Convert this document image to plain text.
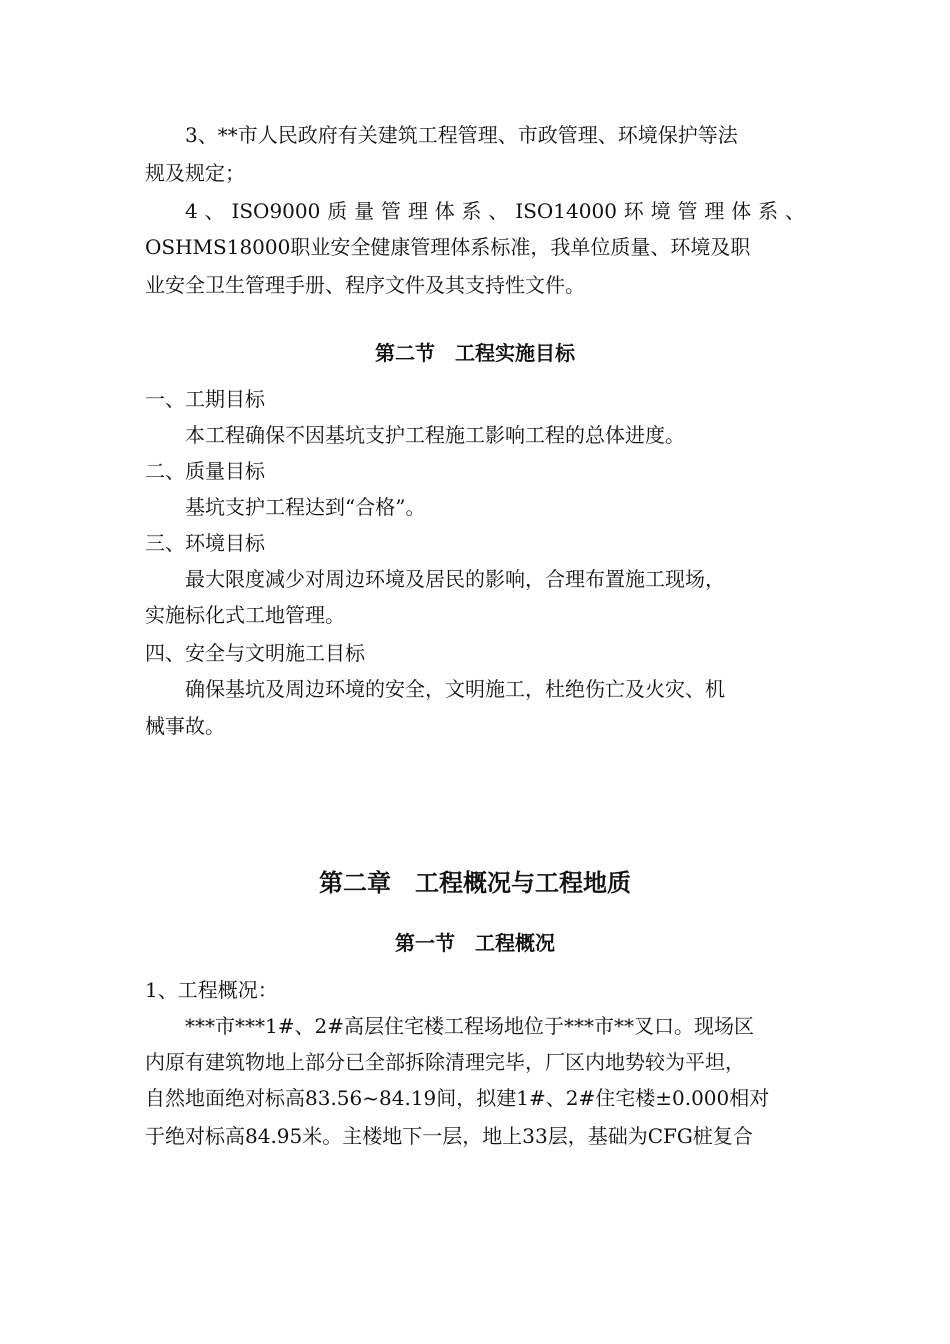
3、**市人民政府有关建筑工程管理、市政管理、环境保护等法
规及规定；
4、ISO9000质量管理体系、ISO14000环境管理体系、
OSHMS18000职业安全健康管理体系标准，我单位质量、环境及职
业安全卫生管理手册、程序文件及其支持性文件。
第二节　工程实施目标
一、工期目标
本工程确保不因基坑支护工程施工影响工程的总体进度。
二、质量目标
基坑支护工程达到“合格”。
三、环境目标
最大限度减少对周边环境及居民的影响，合理布置施工现场，
实施标化式工地管理。
四、安全与文明施工目标
确保基坑及周边环境的安全，文明施工，杜绝伤亡及火灾、机
械事故。
第二章　工程概况与工程地质
第一节　工程概况
1、工程概况：
***市***1#、2#高层住宅楼工程场地位于***市**叉口。现场区
内原有建筑物地上部分已全部拆除清理完毕，厂区内地势较为平坦，
自然地面绝对标高83.56~84.19间，拟建1#、2#住宅楼±0.000相对
于绝对标高84.95米。主楼地下一层，地上33层，基础为CFG桩复合
